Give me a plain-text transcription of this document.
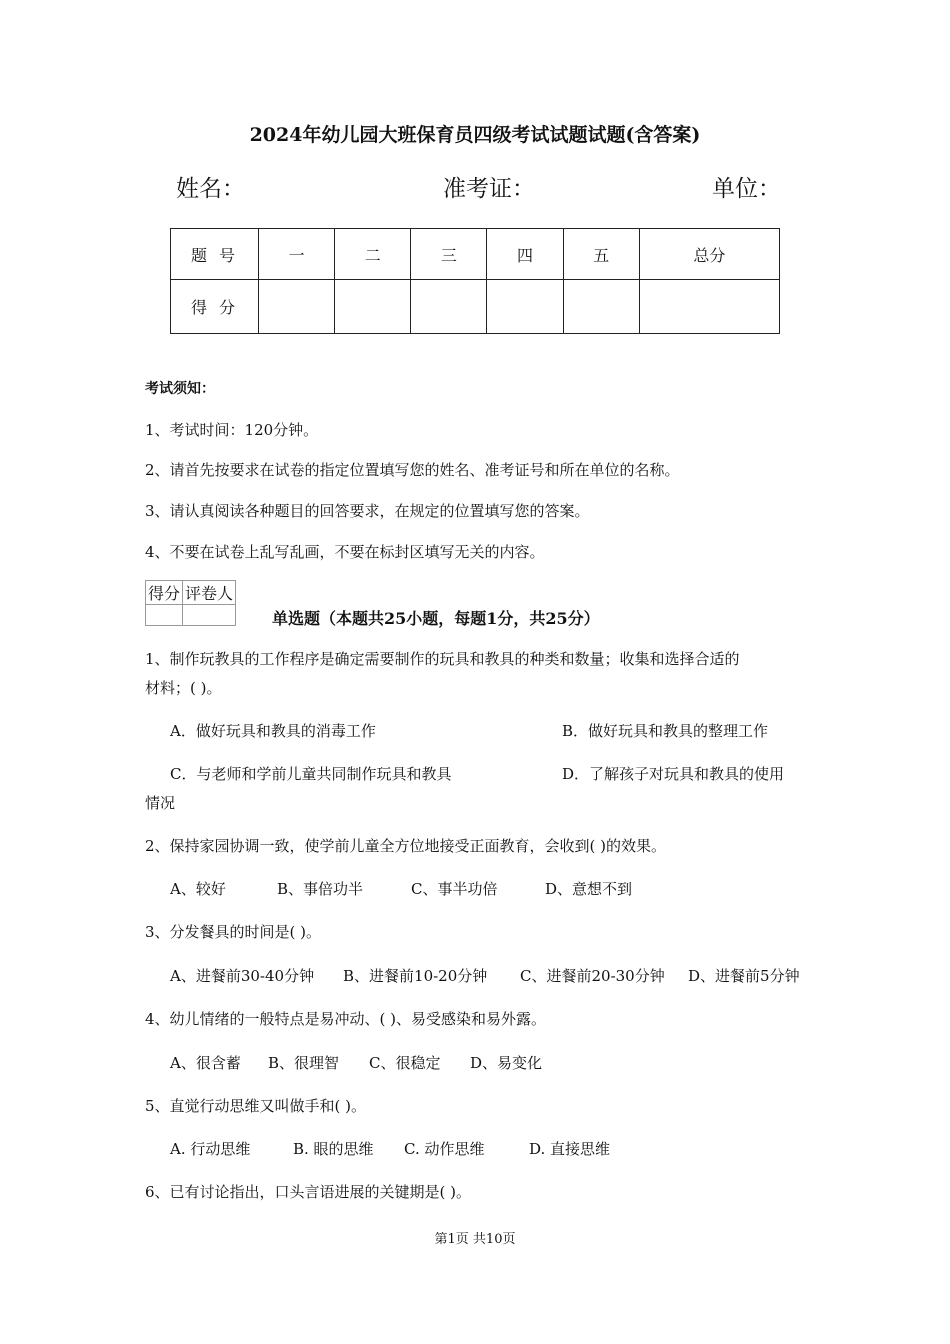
2024年幼儿园大班保育员四级考试试题试题(含答案)
姓名：	准考证：	单位：
题号	一	二	三	四	五	总分
得分						
考试须知：
1、考试时间：120分钟。
2、请首先按要求在试卷的指定位置填写您的姓名、准考证号和所在单位的名称。
3、请认真阅读各种题目的回答要求，在规定的位置填写您的答案。
4、不要在试卷上乱写乱画，不要在标封区填写无关的内容。
得分	评卷人

单选题（本题共25小题，每题1分，共25分）
1、制作玩教具的工作程序是确定需要制作的玩具和教具的种类和数量；收集和选择合适的
材料；( )。
A．做好玩具和教具的消毒工作	B．做好玩具和教具的整理工作
C．与老师和学前儿童共同制作玩具和教具	D．了解孩子对玩具和教具的使用
情况
2、保持家园协调一致，使学前儿童全方位地接受正面教育，会收到( )的效果。
A、较好	B、事倍功半	C、事半功倍	D、意想不到
3、分发餐具的时间是( )。
A、进餐前30-40分钟 B、进餐前10-20分钟 C、进餐前20-30分钟 D、进餐前5分钟
4、幼儿情绪的一般特点是易冲动、( )、易受感染和易外露。
A、很含蓄 B、很理智 C、很稳定 D、易变化
5、直觉行动思维又叫做手和( )。
A. 行动思维	B. 眼的思维 C. 动作思维	D. 直接思维
6、已有讨论指出，口头言语进展的关键期是( )。
第1页 共10页
